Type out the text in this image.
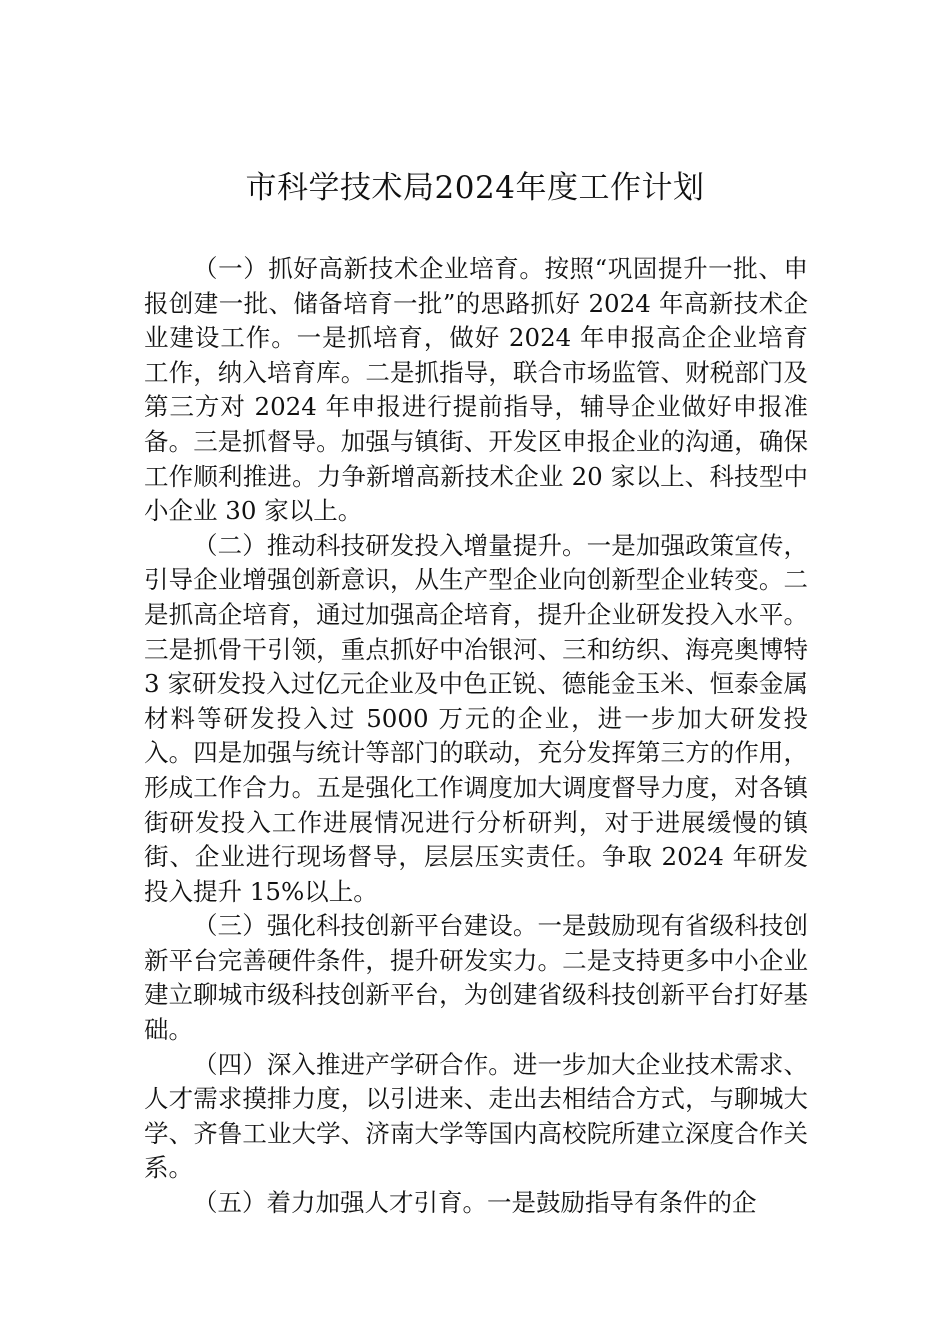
市科学技术局2024年度工作计划

（一）抓好高新技术企业培育。按照“巩固提升一批、申报创建一批、储备培育一批”的思路抓好 2024 年高新技术企业建设工作。一是抓培育，做好 2024 年申报高企企业培育工作，纳入培育库。二是抓指导，联合市场监管、财税部门及第三方对 2024 年申报进行提前指导，辅导企业做好申报准备。三是抓督导。加强与镇街、开发区申报企业的沟通，确保工作顺利推进。力争新增高新技术企业 20 家以上、科技型中小企业 30 家以上。

（二）推动科技研发投入增量提升。一是加强政策宣传，引导企业增强创新意识，从生产型企业向创新型企业转变。二是抓高企培育，通过加强高企培育，提升企业研发投入水平。三是抓骨干引领，重点抓好中冶银河、三和纺织、海亮奥博特 3 家研发投入过亿元企业及中色正锐、德能金玉米、恒泰金属材料等研发投入过 5000 万元的企业，进一步加大研发投入。四是加强与统计等部门的联动，充分发挥第三方的作用，形成工作合力。五是强化工作调度加大调度督导力度，对各镇街研发投入工作进展情况进行分析研判，对于进展缓慢的镇街、企业进行现场督导，层层压实责任。争取 2024 年研发投入提升 15%以上。

（三）强化科技创新平台建设。一是鼓励现有省级科技创新平台完善硬件条件，提升研发实力。二是支持更多中小企业建立聊城市级科技创新平台，为创建省级科技创新平台打好基础。

（四）深入推进产学研合作。进一步加大企业技术需求、人才需求摸排力度，以引进来、走出去相结合方式，与聊城大学、齐鲁工业大学、济南大学等国内高校院所建立深度合作关系。

（五）着力加强人才引育。一是鼓励指导有条件的企
